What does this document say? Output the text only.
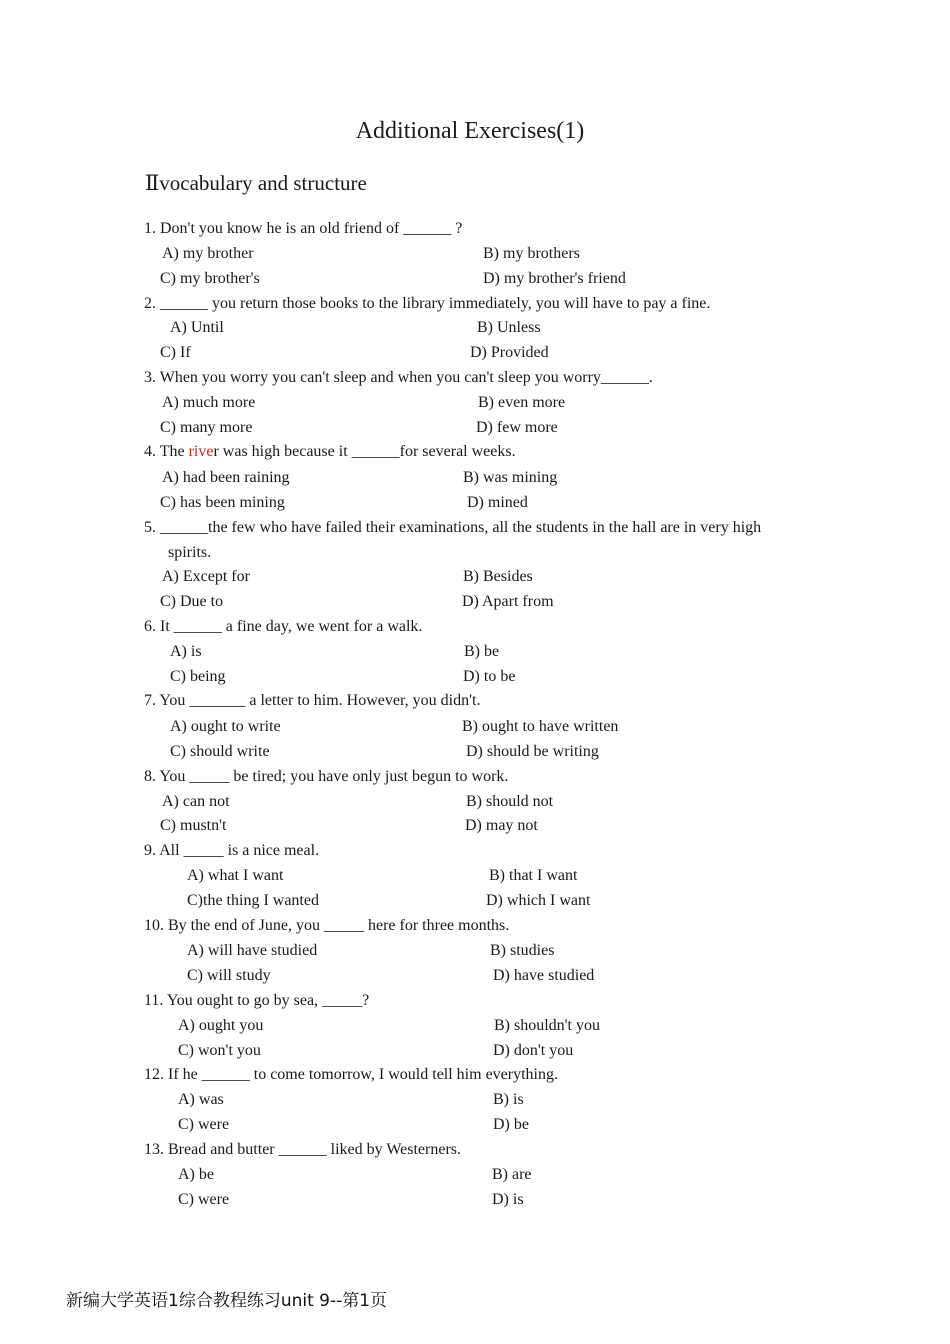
Additional Exercises(1)
Ⅱvocabulary and structure
1. Don't you know he is an old friend of ______ ?
A) my brother	B) my brothers
C) my brother's	D) my brother's friend
2. ______ you return those books to the library immediately, you will have to pay a fine.
A) Until	B) Unless
C) If	D) Provided
3. When you worry you can't sleep and when you can't sleep you worry______.
A) much more	B) even more
C) many more	D) few more
4. The river was high because it ______for several weeks.
A) had been raining	B) was mining
C) has been mining	D) mined
5. ______the few who have failed their examinations, all the students in the hall are in very high
spirits.
A) Except for	B) Besides
C) Due to	D) Apart from
6. It ______ a fine day, we went for a walk.
A) is	B) be
C) being	D) to be
7. You _______ a letter to him. However, you didn't.
A) ought to write	B) ought to have written
C) should write	D) should be writing
8. You _____ be tired; you have only just begun to work.
A) can not	B) should not
C) mustn't	D) may not
9. All _____ is a nice meal.
A) what I want	B) that I want
C)the thing I wanted	D) which I want
10. By the end of June, you _____ here for three months.
A) will have studied	B) studies
C) will study	D) have studied
11. You ought to go by sea, _____?
A) ought you	B) shouldn't you
C) won't you	D) don't you
12. If he ______ to come tomorrow, I would tell him everything.
A) was	B) is
C) were	D) be
13. Bread and butter ______ liked by Westerners.
A) be	B) are
C) were	D) is
新编大学英语1综合教程练习unit 9--第1页
